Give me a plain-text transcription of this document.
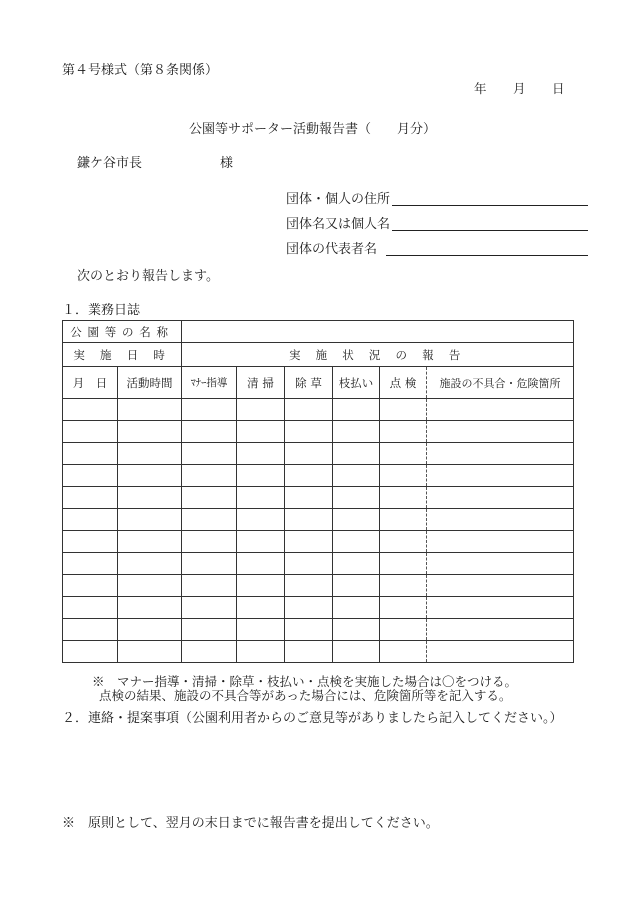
第４号様式（第８条関係）
年　　月　　日
公園等サポーター活動報告書（　　月分）
鎌ケ谷市長　　　　　　様
団体・個人の住所
団体名又は個人名
団体の代表者名
次のとおり報告します。
１．業務日誌
公園等の名称							
実 施 日 時		実 施 状 況 の 報 告					
月　日	活動時間	ﾏﾅｰ指導	清 掃	除 草	枝払い	点 検	施設の不具合・危険箇所

※　マナー指導・清掃・除草・枝払い・点検を実施した場合は〇をつける。
点検の結果、施設の不具合等があった場合には、危険箇所等を記入する。
２．連絡・提案事項（公園利用者からのご意見等がありましたら記入してください。）
※　原則として、翌月の末日までに報告書を提出してください。
